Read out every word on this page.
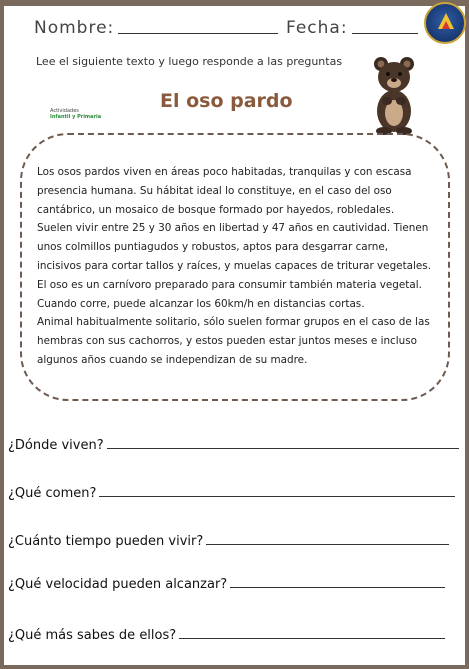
Nombre:	Fecha:
Lee el siguiente texto y luego responde a las preguntas
El oso pardo
Actividades
Infantil y Primaria

Los osos pardos viven en áreas poco habitadas, tranquilas y con escasa
presencia humana. Su hábitat ideal lo constituye, en el caso del oso
cantábrico, un mosaico de bosque formado por hayedos, robledales.
Suelen vivir entre 25 y 30 años en libertad y 47 años en cautividad. Tienen
unos colmillos puntiagudos y robustos, aptos para desgarrar carne,
incisivos para cortar tallos y raíces, y muelas capaces de triturar vegetales.
El oso es un carnívoro preparado para consumir también materia vegetal.
Cuando corre, puede alcanzar los 60km/h en distancias cortas.
Animal habitualmente solitario, sólo suelen formar grupos en el caso de las
hembras con sus cachorros, y estos pueden estar juntos meses e incluso
algunos años cuando se independizan de su madre.

¿Dónde viven?
¿Qué comen?
¿Cuánto tiempo pueden vivir?
¿Qué velocidad pueden alcanzar?
¿Qué más sabes de ellos?
